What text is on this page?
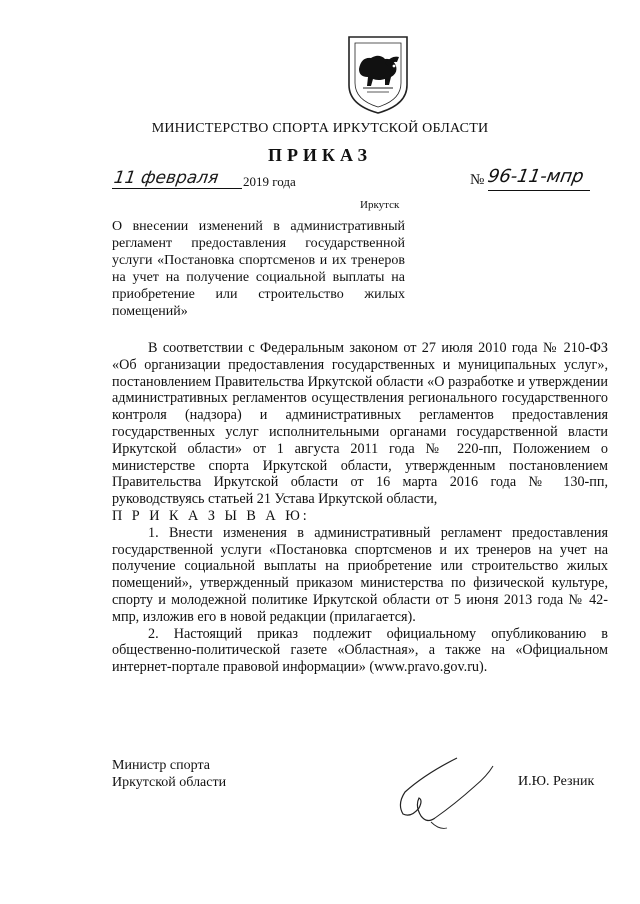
МИНИСТЕРСТВО СПОРТА ИРКУТСКОЙ ОБЛАСТИ
ПРИКАЗ
11 февраля 2019 года	№ 96-11-мпр
Иркутск
О внесении изменений в административный регламент предоставления государственной услуги «Постановка спортсменов и их тренеров на учет на получение социальной выплаты на приобретение или строительство жилых помещений»

В соответствии с Федеральным законом от 27 июля 2010 года № 210-ФЗ «Об организации предоставления государственных и муниципальных услуг», постановлением Правительства Иркутской области «О разработке и утверждении административных регламентов осуществления регионального государственного контроля (надзора) и административных регламентов предоставления государственных услуг исполнительными органами государственной власти Иркутской области» от 1 августа 2011 года № 220-пп, Положением о министерстве спорта Иркутской области, утвержденным постановлением Правительства Иркутской области от 16 марта 2016 года № 130-пп, руководствуясь статьей 21 Устава Иркутской области,

П Р И К А З Ы В А Ю:

1. Внести изменения в административный регламент предоставления государственной услуги «Постановка спортсменов и их тренеров на учет на получение социальной выплаты на приобретение или строительство жилых помещений», утвержденный приказом министерства по физической культуре, спорту и молодежной политике Иркутской области от 5 июня 2013 года № 42-мпр, изложив его в новой редакции (прилагается).

2. Настоящий приказ подлежит официальному опубликованию в общественно-политической газете «Областная», а также на «Официальном интернет-портале правовой информации» (www.pravo.gov.ru).

Министр спорта
Иркутской области	И.Ю. Резник
